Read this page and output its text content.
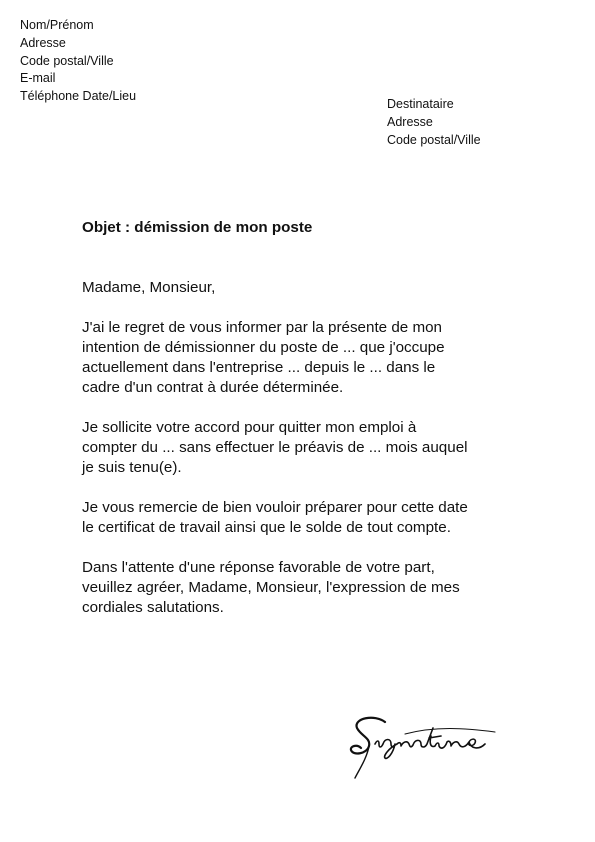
Nom/Prénom
Adresse
Code postal/Ville
E-mail
Téléphone Date/Lieu
Destinataire
Adresse
Code postal/Ville
Objet : démission de mon poste
Madame, Monsieur,
J'ai le regret de vous informer par la présente de mon
intention de démissionner du poste de ... que j'occupe
actuellement dans l'entreprise ... depuis le ... dans le
cadre d'un contrat à durée déterminée.
Je sollicite votre accord pour quitter mon emploi à
compter du ... sans effectuer le préavis de ... mois auquel
je suis tenu(e).
Je vous remercie de bien vouloir préparer pour cette date
le certificat de travail ainsi que le solde de tout compte.
Dans l'attente d'une réponse favorable de votre part,
veuillez agréer, Madame, Monsieur, l'expression de mes
cordiales salutations.
